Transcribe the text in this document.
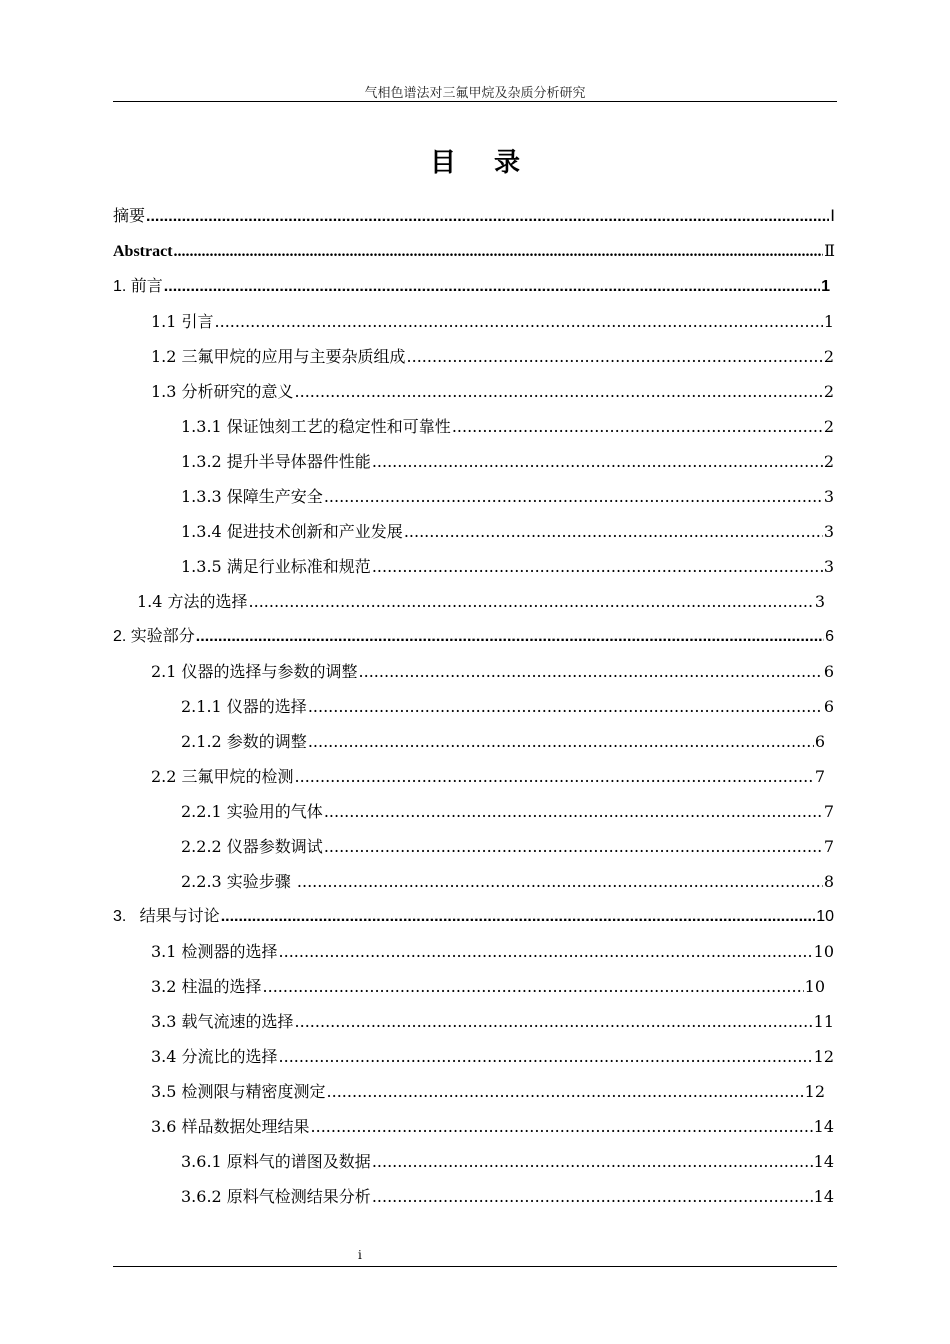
气相色谱法对三氟甲烷及杂质分析研究
目录
摘要 .....	Ⅰ
Abstract .....	Ⅱ
1. 前言 .....	1
1.1 引言 .....	1
1.2 三氟甲烷的应用与主要杂质组成 .....	2
1.3 分析研究的意义 .....	2
1.3.1 保证蚀刻工艺的稳定性和可靠性 .....	2
1.3.2 提升半导体器件性能 .....	2
1.3.3 保障生产安全 .....	3
1.3.4 促进技术创新和产业发展 .....	3
1.3.5 满足行业标准和规范 .....	3
1.4 方法的选择 .....	3
2. 实验部分 .....	6
2.1 仪器的选择与参数的调整 .....	6
2.1.1 仪器的选择 .....	6
2.1.2 参数的调整 .....	6
2.2 三氟甲烷的检测 .....	7
2.2.1 实验用的气体 .....	7
2.2.2 仪器参数调试 .....	7
2.2.3 实验步骤 .....	8
3.   结果与讨论 .....	10
3.1 检测器的选择 .....	10
3.2 柱温的选择 .....	10
3.3 载气流速的选择 .....	11
3.4 分流比的选择 .....	12
3.5 检测限与精密度测定 .....	12
3.6 样品数据处理结果 .....	14
3.6.1 原料气的谱图及数据 .....	14
3.6.2 原料气检测结果分析 .....	14
i
